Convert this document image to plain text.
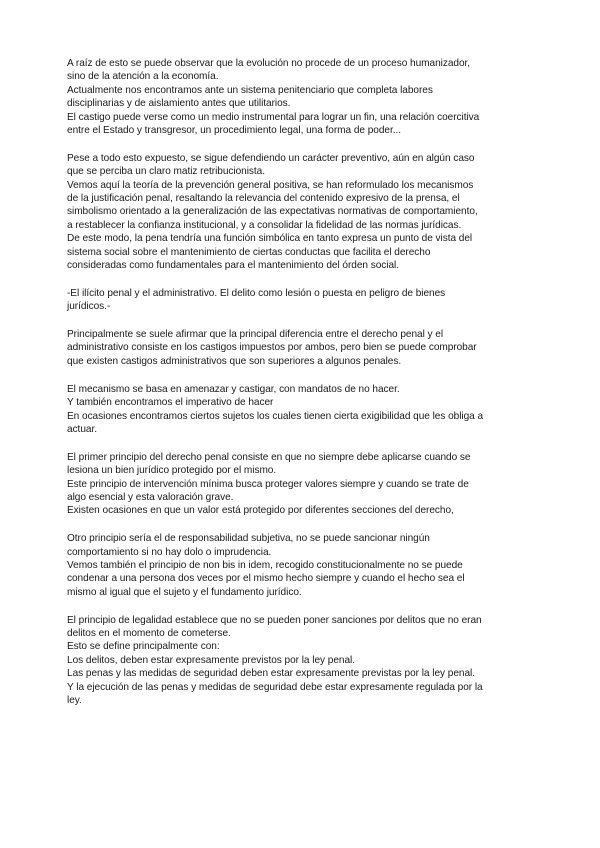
A raíz de esto se puede observar que la evolución no procede de un proceso humanizador,
sino de la atención a la economía.
Actualmente nos encontramos ante un sistema penitenciario que completa labores
disciplinarias y de aislamiento antes que utilitarios.
El castigo puede verse como un medio instrumental para lograr un fin, una relación coercitiva
entre el Estado y transgresor, un procedimiento legal, una forma de poder...

Pese a todo esto expuesto, se sigue defendiendo un carácter preventivo, aún en algún caso
que se perciba un claro matiz retribucionista.
Vemos aquí la teoría de la prevención general positiva, se han reformulado los mecanismos
de la justificación penal, resaltando la relevancia del contenido expresivo de la prensa, el
simbolismo orientado a la generalización de las expectativas normativas de comportamiento,
a restablecer la confianza institucional, y a consolidar la fidelidad de las normas jurídicas.
De este modo, la pena tendría una función simbólica en tanto expresa un punto de vista del
sistema social sobre el mantenimiento de ciertas conductas que facilita el derecho
consideradas como fundamentales para el mantenimiento del órden social.

-El ilícito penal y el administrativo. El delito como lesión o puesta en peligro de bienes
jurídicos.-

Principalmente se suele afirmar que la principal diferencia entre el derecho penal y el
administrativo consiste en los castigos impuestos por ambos, pero bien se puede comprobar
que existen castigos administrativos que son superiores a algunos penales.

El mecanismo se basa en amenazar y castigar, con mandatos de no hacer.
Y también encontramos el imperativo de hacer
En ocasiones encontramos ciertos sujetos los cuales tienen cierta exigibilidad que les obliga a
actuar.

El primer principio del derecho penal consiste en que no siempre debe aplicarse cuando se
lesiona un bien jurídico protegido por el mismo.
Este principio de intervención mínima busca proteger valores siempre y cuando se trate de
algo esencial y esta valoración grave.
Existen ocasiones en que un valor está protegido por diferentes secciones del derecho,

Otro principio sería el de responsabilidad subjetiva, no se puede sancionar ningún
comportamiento si no hay dolo o imprudencia.
Vemos también el principio de non bis in idem, recogido constitucionalmente no se puede
condenar a una persona dos veces por el mismo hecho siempre y cuando el hecho sea el
mismo al igual que el sujeto y el fundamento jurídico.

El principio de legalidad establece que no se pueden poner sanciones por delitos que no eran
delitos en el momento de cometerse.
Esto se define principalmente con:
Los delitos, deben estar expresamente previstos por la ley penal.
Las penas y las medidas de seguridad deben estar expresamente previstas por la ley penal.
Y la ejecución de las penas y medidas de seguridad debe estar expresamente regulada por la
ley.
